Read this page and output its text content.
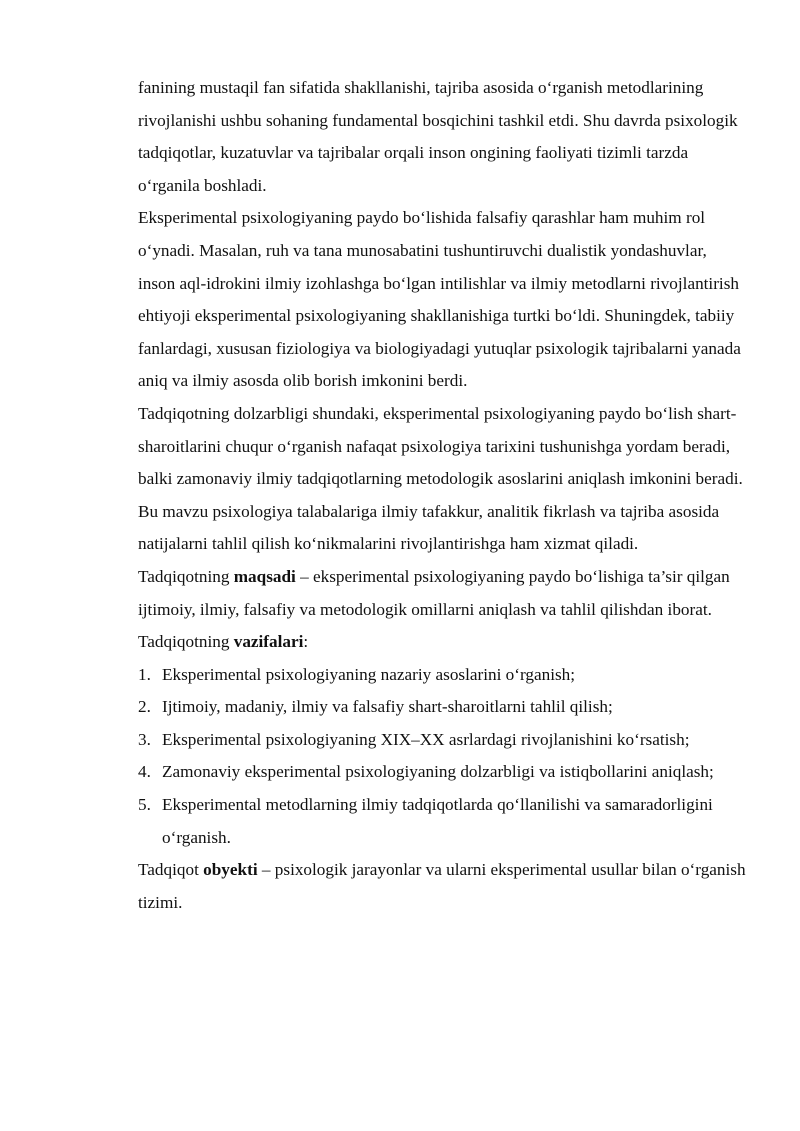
fanining mustaqil fan sifatida shakllanishi, tajriba asosida o‘rganish metodlarining rivojlanishi ushbu sohaning fundamental bosqichini tashkil etdi. Shu davrda psixologik tadqiqotlar, kuzatuvlar va tajribalar orqali inson ongining faoliyati tizimli tarzda o‘rganila boshladi.

Eksperimental psixologiyaning paydo bo‘lishida falsafiy qarashlar ham muhim rol o‘ynadi. Masalan, ruh va tana munosabatini tushuntiruvchi dualistik yondashuvlar, inson aql-idrokini ilmiy izohlashga bo‘lgan intilishlar va ilmiy metodlarni rivojlantirish ehtiyoji eksperimental psixologiyaning shakllanishiga turtki bo‘ldi. Shuningdek, tabiiy fanlardagi, xususan fiziologiya va biologiyadagi yutuqlar psixologik tajribalarni yanada aniq va ilmiy asosda olib borish imkonini berdi.

Tadqiqotning dolzarbligi shundaki, eksperimental psixologiyaning paydo bo‘lish shart-sharoitlarini chuqur o‘rganish nafaqat psixologiya tarixini tushunishga yordam beradi, balki zamonaviy ilmiy tadqiqotlarning metodologik asoslarini aniqlash imkonini beradi. Bu mavzu psixologiya talabalariga ilmiy tafakkur, analitik fikrlash va tajriba asosida natijalarni tahlil qilish ko‘nikmalarini rivojlantirishga ham xizmat qiladi.

Tadqiqotning maqsadi – eksperimental psixologiyaning paydo bo‘lishiga ta’sir qilgan ijtimoiy, ilmiy, falsafiy va metodologik omillarni aniqlash va tahlil qilishdan iborat.

Tadqiqotning vazifalari:

1. Eksperimental psixologiyaning nazariy asoslarini o‘rganish;
2. Ijtimoiy, madaniy, ilmiy va falsafiy shart-sharoitlarni tahlil qilish;
3. Eksperimental psixologiyaning XIX–XX asrlardagi rivojlanishini ko‘rsatish;
4. Zamonaviy eksperimental psixologiyaning dolzarbligi va istiqbollarini aniqlash;
5. Eksperimental metodlarning ilmiy tadqiqotlarda qo‘llanilishi va samaradorligini o‘rganish.

Tadqiqot obyekti – psixologik jarayonlar va ularni eksperimental usullar bilan o‘rganish tizimi.
